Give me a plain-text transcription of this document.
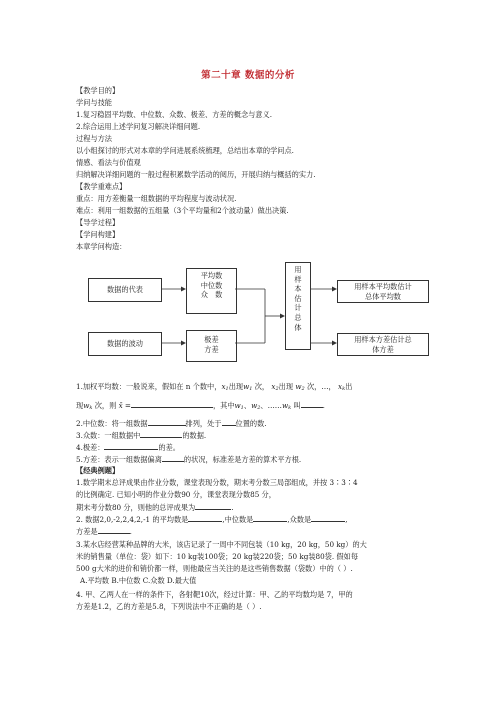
第二十章 数据的分析
【教学目的】
学问与技能
1.复习稳固平均数、中位数、众数、极差、方差的概念与意义.
2.综合运用上述学问复习解决详细问题.
过程与方法
以小组探讨的形式对本章的学问进展系统梳理，总结出本章的学问点.
情感、看法与价值观
归纳解决详细问题的一般过程积累数学活动的阅历，开展归纳与概括的实力.
【教学重难点】
重点：用方差衡量一组数据的平均程度与波动状况.
难点：利用一组数据的五组量（3个平均量和2个波动量）做出决策.
【导学过程】
【学问构建】
本章学问构造：
数据的代表
数据的波动
平均数
中位数
众　数
极差
方差
用
样
本
估
计
总
体
用样本平均数估计
总体平均数
用样本方差估计总
体方差
1.加权平均数：一般说来，假如在 n 个数中，$x_1$出现$w_1$ 次， $x_2$出现 $w_2$ 次，…， $x_k$出
现$w_k$ 次，则 x̄ =	，其中$w_1$、$w_2$、$\dots\dots w_k$ 叫	.
2.中位数：将一组数据	排列，处于 位置的数.
3.众数：一组数据中	的数据.
4.极差：	的差。
5.方差：表示一组数据偏离	的状况，标准差是方差的算术平方根.
【经典例题】
1.数学期末总评成果由作业分数，课堂表现分数，期末考分数三局部组成，并按 3∶3∶4
的比例确定. 已知小明的作业分数90 分，课堂表现分数85 分，
期末考分数80 分，则他的总评成果为	.
2. 数据2,0,-2,2,4,2,-1 的平均数是	,中位数是	,众数是	,
方差是	.
3.某水店经营某种品牌的大米，该店记录了一周中不同包装（10 kg，20 kg，50 kg）的大
米的销售量（单位：袋）如下：10 kg装100袋；20 kg装220袋；50 kg装80袋. 假如每
500 g大米的进价和销价都一样，则他最应当关注的是这些销售数据（袋数）中的（ ）.
A.平均数 B.中位数 C.众数 D.最大值
4. 甲、乙两人在一样的条件下，各射靶10次，经过计算：甲、乙的平均数均是 7，甲的
方差是1.2，乙的方差是5.8，下列说法中不正确的是（ ）.
